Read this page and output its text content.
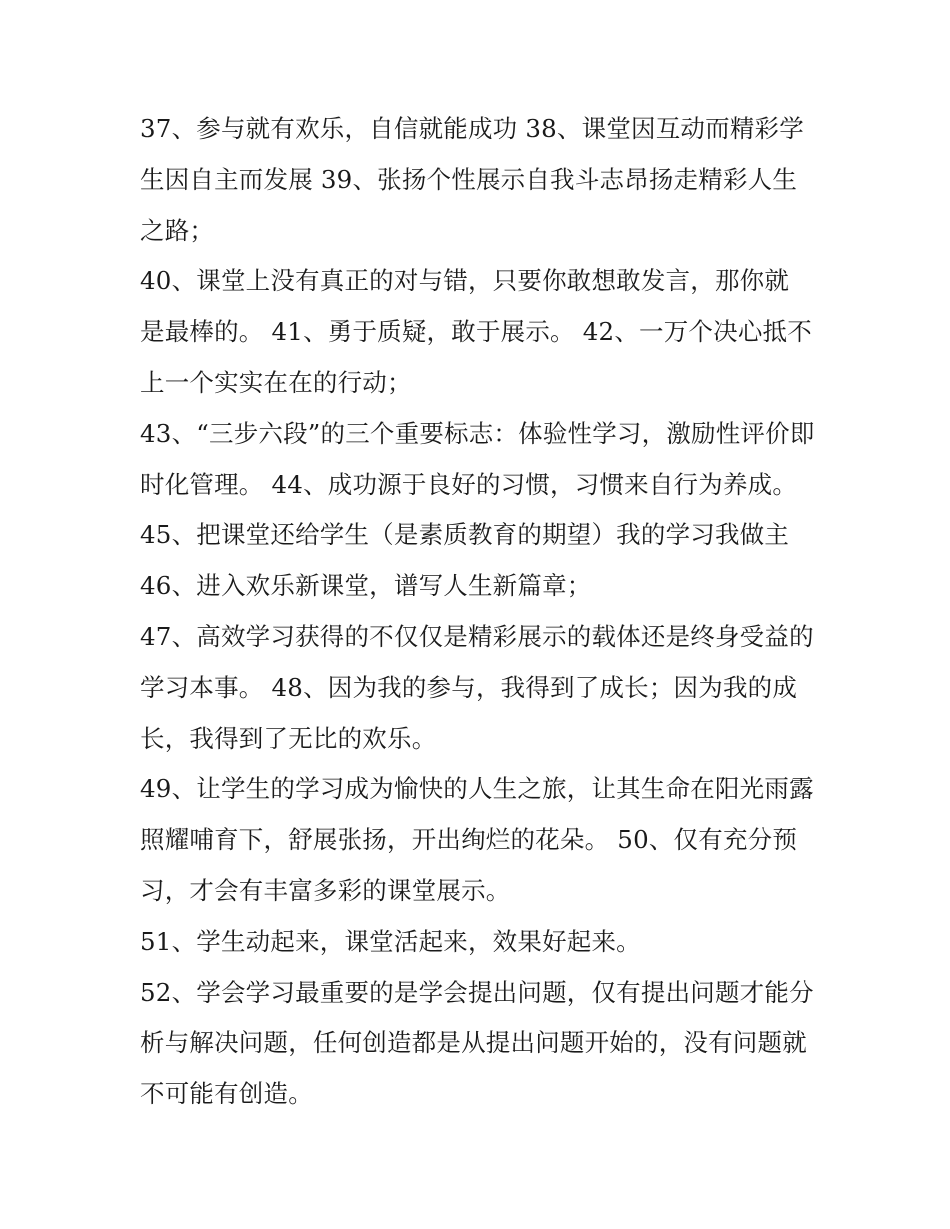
37、参与就有欢乐，自信就能成功 38、课堂因互动而精彩学
生因自主而发展 39、张扬个性展示自我斗志昂扬走精彩人生
之路；

40、课堂上没有真正的对与错，只要你敢想敢发言，那你就
是最棒的。 41、勇于质疑，敢于展示。 42、一万个决心抵不
上一个实实在在的行动；

43、“三步六段”的三个重要标志：体验性学习，激励性评价即
时化管理。 44、成功源于良好的习惯，习惯来自行为养成。

45、把课堂还给学生（是素质教育的期望）我的学习我做主

46、进入欢乐新课堂，谱写人生新篇章；

47、高效学习获得的不仅仅是精彩展示的载体还是终身受益的
学习本事。 48、因为我的参与，我得到了成长；因为我的成
长，我得到了无比的欢乐。

49、让学生的学习成为愉快的人生之旅，让其生命在阳光雨露
照耀哺育下，舒展张扬，开出绚烂的花朵。 50、仅有充分预
习，才会有丰富多彩的课堂展示。

51、学生动起来，课堂活起来，效果好起来。

52、学会学习最重要的是学会提出问题，仅有提出问题才能分
析与解决问题，任何创造都是从提出问题开始的，没有问题就
不可能有创造。
